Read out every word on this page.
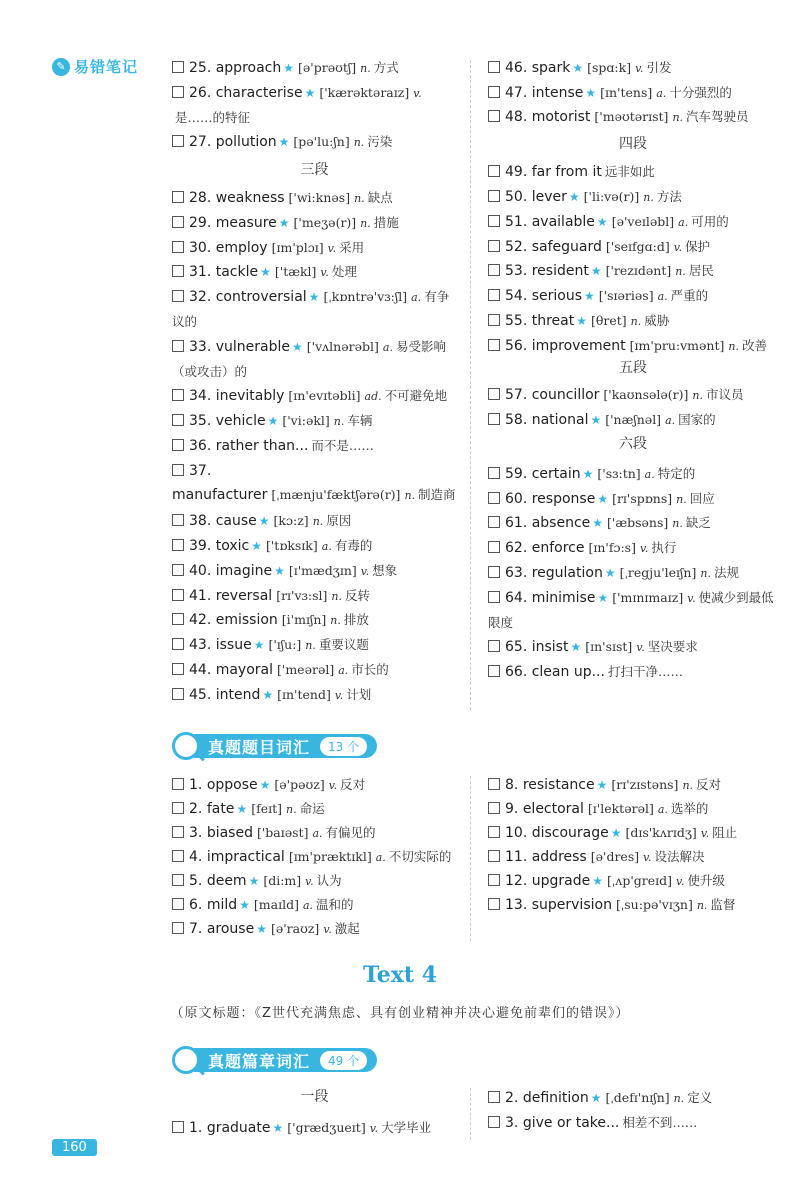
✎ 易错笔记	25. approach ★ [ə'prəʊtʃ] n. 方式
26. characterise ★ ['kærəktəraɪz] v.是……的特征
27. pollution ★ [pə'lu:ʃn] n. 污染
28. weakness ['wi:knəs] n. 缺点
29. measure ★ ['meʒə(r)] n. 措施
30. employ [ɪm'plɔɪ] v. 采用
31. tackle ★ ['tækl] v. 处理
32. controversial ★ [ˌkɒntrə'vɜ:ʃl] a. 有争议的
33. vulnerable ★ ['vʌlnərəbl] a. 易受影响（或攻击）的
34. inevitably [ɪn'evɪtəbli] ad. 不可避免地
35. vehicle ★ ['vi:əkl] n. 车辆
36. rather than... 而不是……
37. manufacturer [ˌmænju'fæktʃərə(r)] n. 制造商
38. cause ★ [kɔ:z] n. 原因
39. toxic ★ ['tɒksɪk] a. 有毒的
40. imagine ★ [ɪ'mædʒɪn] v. 想象
41. reversal [rɪ'vɜ:sl] n. 反转
42. emission [i'mɪʃn] n. 排放
43. issue ★ ['ɪʃu:] n. 重要议题
44. mayoral ['meərəl] a. 市长的
45. intend ★ [ɪn'tend] v. 计划
三段
46. spark ★ [spɑ:k] v. 引发
47. intense ★ [ɪn'tens] a. 十分强烈的
48. motorist ['məʊtərɪst] n. 汽车驾驶员
49. far from it 远非如此
50. lever ★ ['li:və(r)] n. 方法
51. available ★ [ə'veɪləbl] a. 可用的
52. safeguard ['seɪfgɑ:d] v. 保护
53. resident ★ ['rezɪdənt] n. 居民
54. serious ★ ['sɪəriəs] a. 严重的
55. threat ★ [θret] n. 威胁
56. improvement [ɪm'pru:vmənt] n. 改善
57. councillor ['kaʊnsələ(r)] n. 市议员
58. national ★ ['næʃnəl] a. 国家的
59. certain ★ ['sɜ:tn] a. 特定的
60. response ★ [rɪ'spɒns] n. 回应
61. absence ★ ['æbsəns] n. 缺乏
62. enforce [ɪn'fɔ:s] v. 执行
63. regulation ★ [ˌregju'leɪʃn] n. 法规
64. minimise ★ ['mɪnɪmaɪz] v. 使减少到最低限度
65. insist ★ [ɪn'sɪst] v. 坚决要求
66. clean up... 打扫干净……
四段
五段
六段
真题题目词汇	13 个
1. oppose ★ [ə'pəʊz] v. 反对
2. fate ★ [feɪt] n. 命运
3. biased ['baɪəst] a. 有偏见的
4. impractical [ɪm'præktɪkl] a. 不切实际的
5. deem ★ [di:m] v. 认为
6. mild ★ [maɪld] a. 温和的
7. arouse ★ [ə'raʊz] v. 激起
8. resistance ★ [rɪ'zɪstəns] n. 反对
9. electoral [ɪ'lektərəl] a. 选举的
10. discourage ★ [dɪs'kʌrɪdʒ] v. 阻止
11. address [ə'dres] v. 设法解决
12. upgrade ★ [ˌʌp'greɪd] v. 使升级
13. supervision [ˌsu:pə'vɪʒn] n. 监督
Text 4
（原文标题：《Z世代充满焦虑、具有创业精神并决心避免前辈们的错误》）
真题篇章词汇	49 个
一段
1. graduate ★ ['grædʒueɪt] v. 大学毕业
2. definition ★ [ˌdefɪ'nɪʃn] n. 定义
3. give or take... 相差不到……
160
